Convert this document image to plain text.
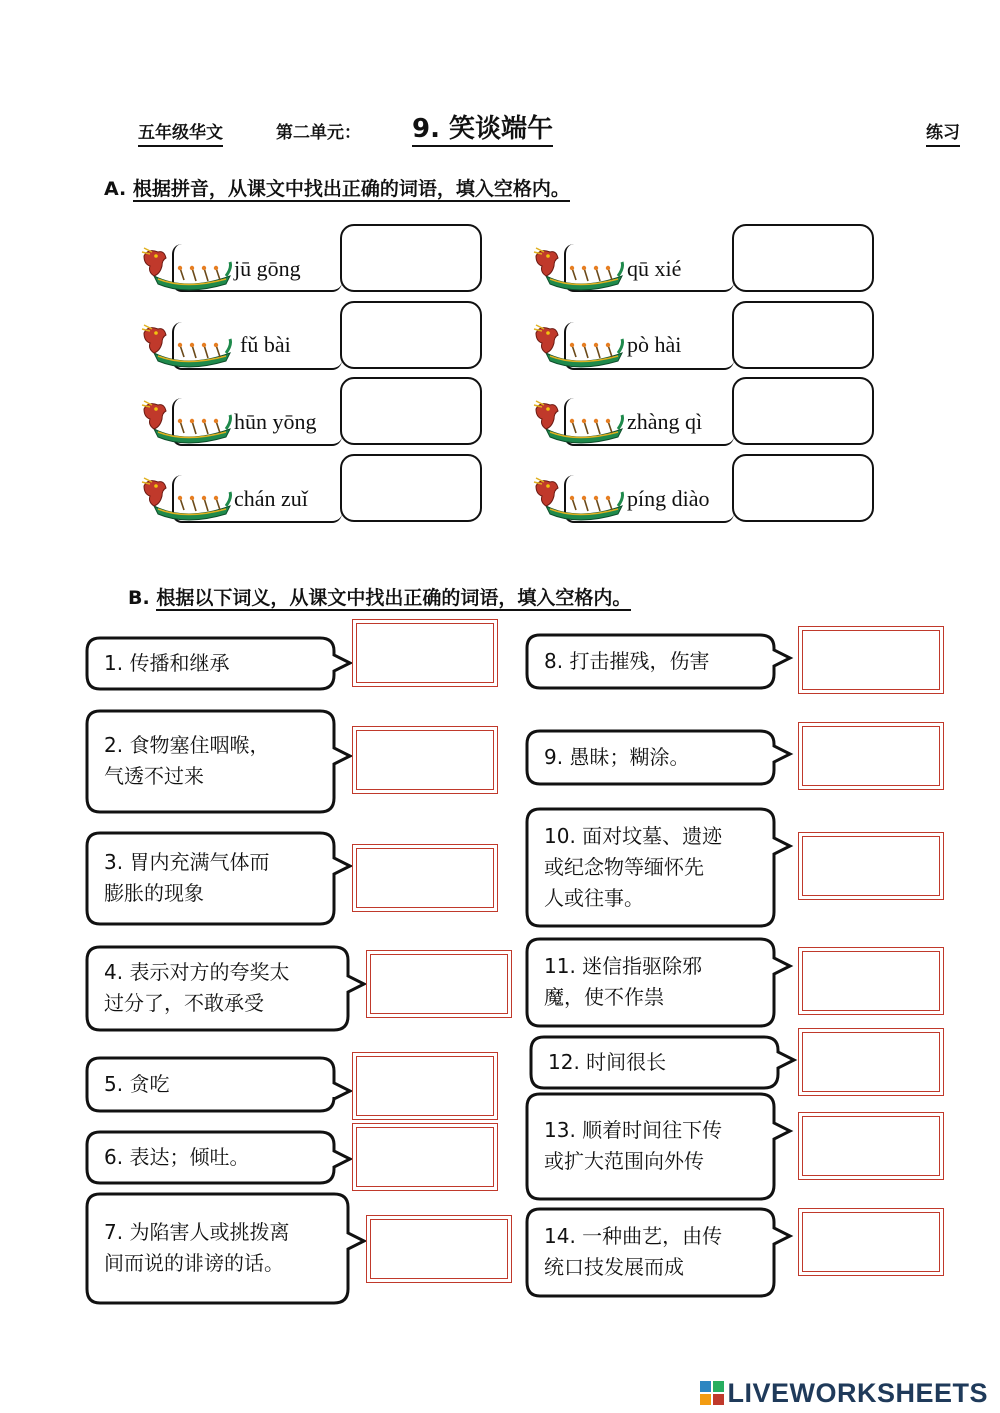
五年级华文	第二单元： 9. 笑谈端午	练习
A. 根据拼音，从课文中找出正确的词语，填入空格内。
jū gōng
fǔ bài
hūn yōng
chán zuǐ
qū xié
pò hài
zhàng qì
píng diào
B. 根据以下词义，从课文中找出正确的词语，填入空格内。
1. 传播和继承
2. 食物塞住咽喉，
气透不过来
3. 胃内充满气体而
膨胀的现象
4. 表示对方的夸奖太
过分了，不敢承受
5. 贪吃
6. 表达；倾吐。
7. 为陷害人或挑拨离
间而说的诽谤的话。
8. 打击摧残，伤害
9. 愚昧；糊涂。
10. 面对坟墓、遗迹
或纪念物等缅怀先
人或往事。
11. 迷信指驱除邪
魔，使不作祟
12. 时间很长
13. 顺着时间往下传
或扩大范围向外传
14. 一种曲艺，由传
统口技发展而成
LIVEWORKSHEETS
